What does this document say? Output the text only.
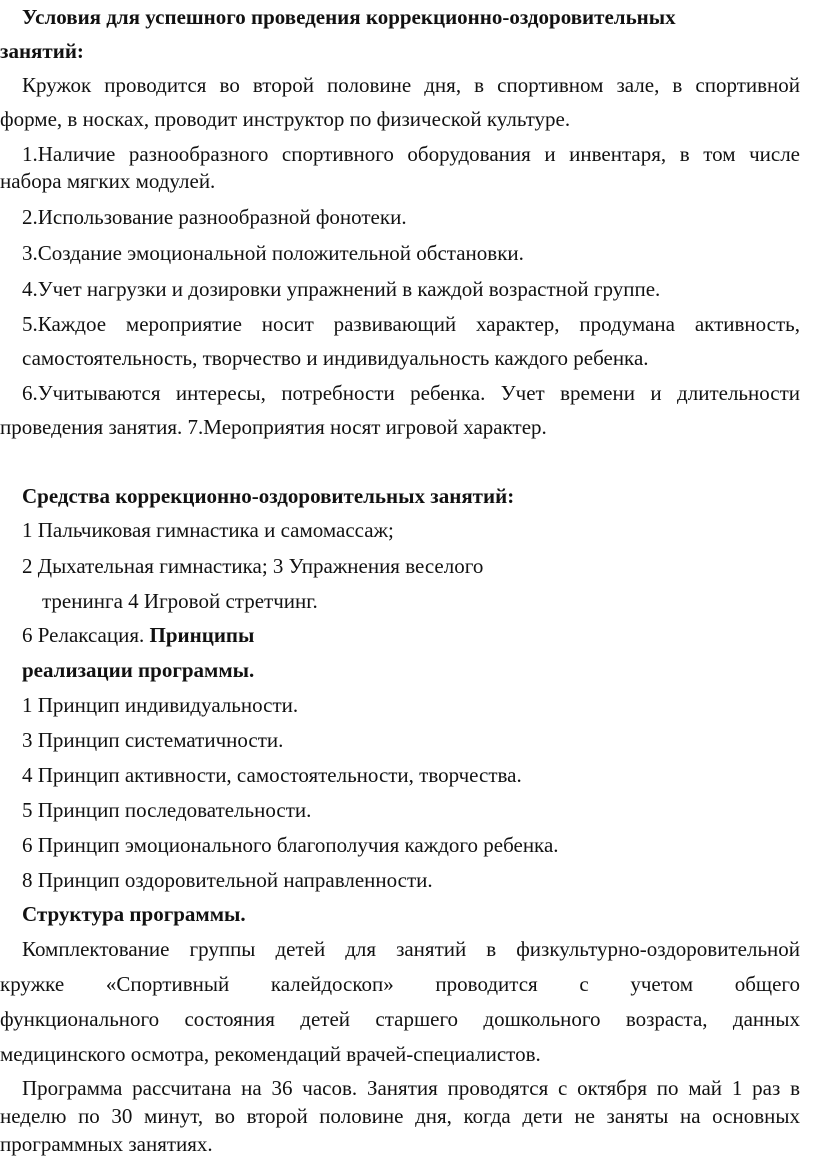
Условия для успешного проведения коррекционно-оздоровительных
занятий:
Кружок проводится во второй половине дня, в спортивном зале, в спортивной
форме, в носках, проводит инструктор по физической культуре.
1.Наличие разнообразного спортивного оборудования и инвентаря, в том числе
набора мягких модулей.
2.Использование разнообразной фонотеки.
3.Создание эмоциональной положительной обстановки.
4.Учет нагрузки и дозировки упражнений в каждой возрастной группе.
5.Каждое мероприятие носит развивающий характер, продумана активность,
самостоятельность, творчество и индивидуальность каждого ребенка.
6.Учитываются интересы, потребности ребенка. Учет времени и длительности
проведения занятия. 7.Мероприятия носят игровой характер.
Средства коррекционно-оздоровительных занятий:
1 Пальчиковая гимнастика и самомассаж;
2 Дыхательная гимнастика; 3 Упражнения веселого
тренинга 4 Игровой стретчинг.
6 Релаксация. Принципы
реализации программы.
1 Принцип индивидуальности.
3 Принцип систематичности.
4 Принцип активности, самостоятельности, творчества.
5 Принцип последовательности.
6 Принцип эмоционального благополучия каждого ребенка.
8 Принцип оздоровительной направленности.
Структура программы.
Комплектование группы детей для занятий в физкультурно-оздоровительной
кружке «Спортивный калейдоскоп» проводится с учетом общего
функционального состояния детей старшего дошкольного возраста, данных
медицинского осмотра, рекомендаций врачей-специалистов.
Программа рассчитана на 36 часов. Занятия проводятся с октября по май 1 раз в
неделю по 30 минут, во второй половине дня, когда дети не заняты на основных
программных занятиях.
